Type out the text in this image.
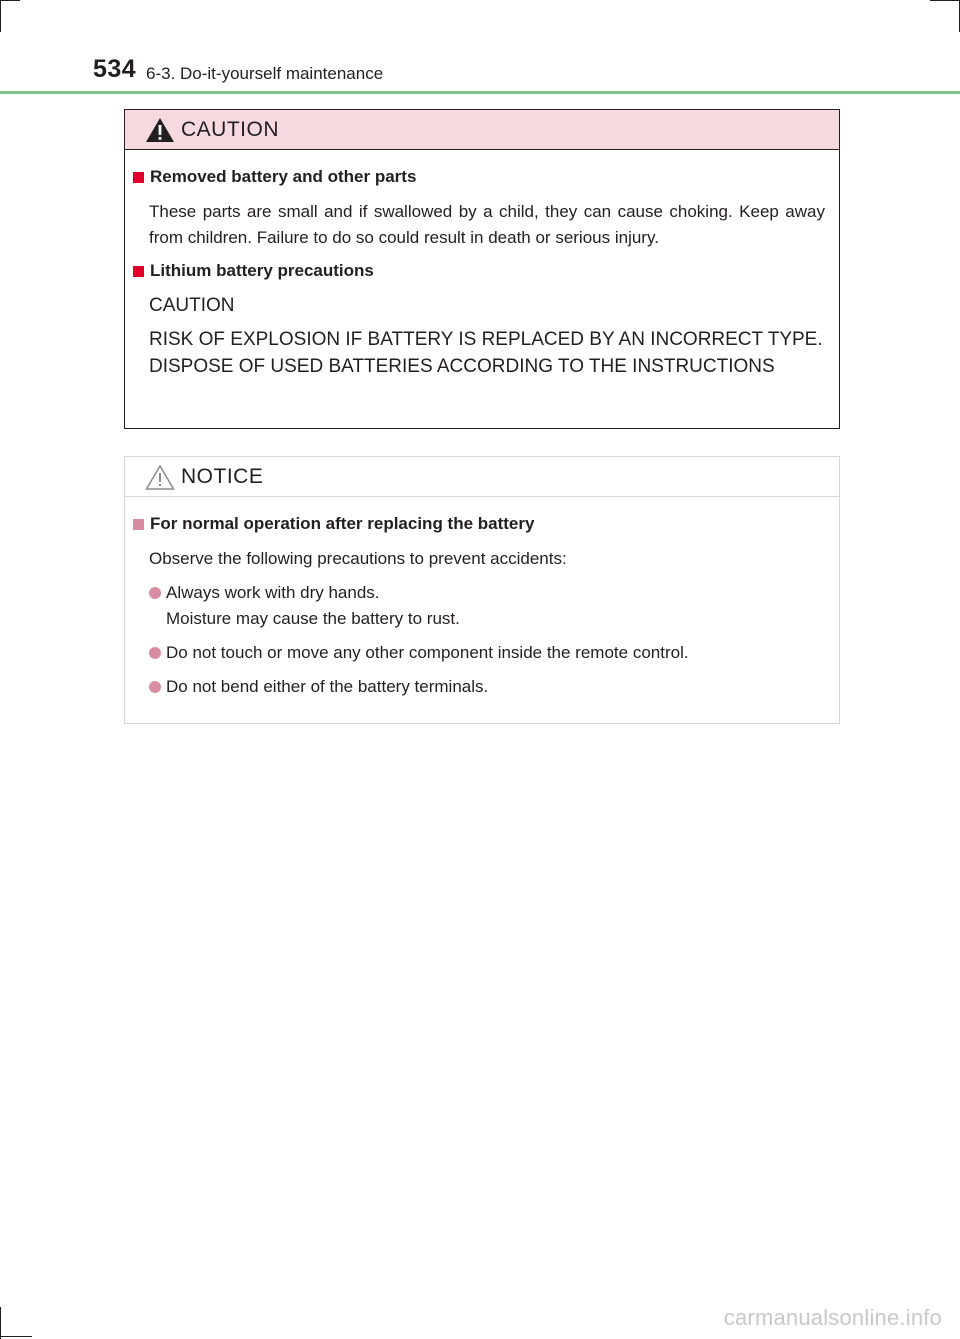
534 6-3. Do-it-yourself maintenance
CAUTION
Removed battery and other parts
These parts are small and if swallowed by a child, they can cause choking. Keep away from children. Failure to do so could result in death or serious injury.
Lithium battery precautions
CAUTION
RISK OF EXPLOSION IF BATTERY IS REPLACED BY AN INCORRECT TYPE.
DISPOSE OF USED BATTERIES ACCORDING TO THE INSTRUCTIONS
NOTICE
For normal operation after replacing the battery
Observe the following precautions to prevent accidents:
Always work with dry hands.
Moisture may cause the battery to rust.
Do not touch or move any other component inside the remote control.
Do not bend either of the battery terminals.
carmanualsonline.info
